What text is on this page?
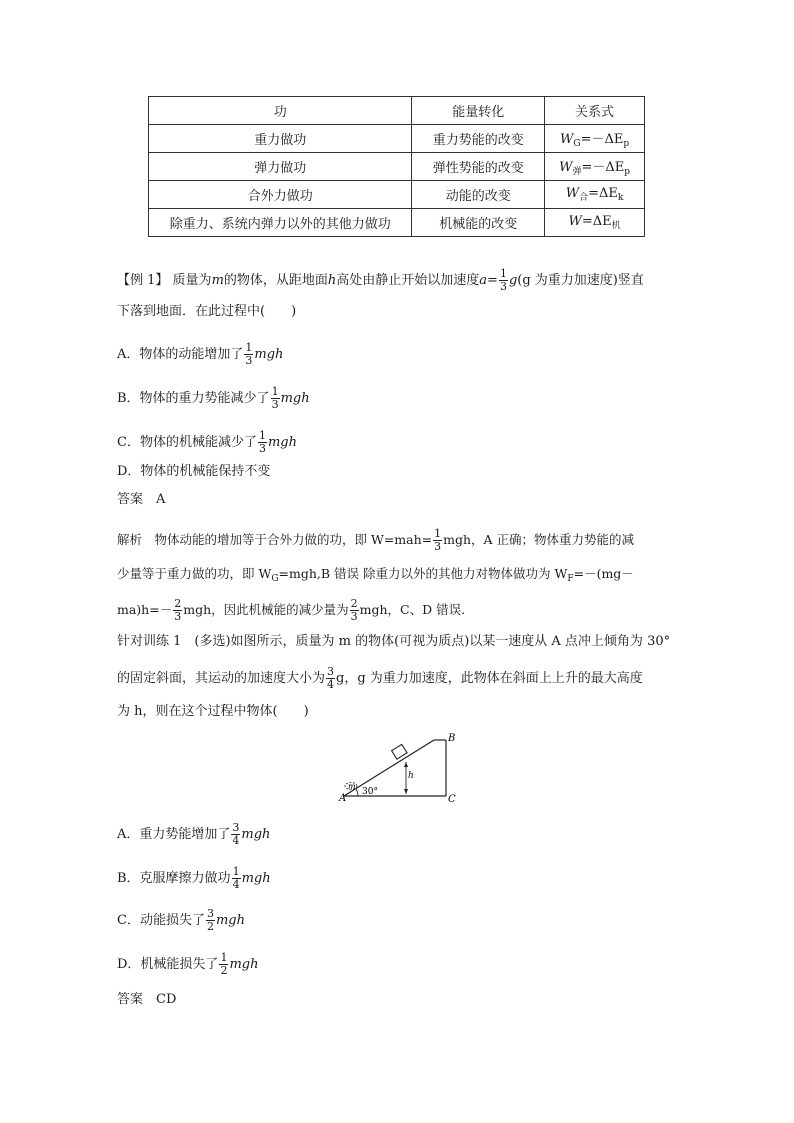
功	能量转化	关系式
重力做功	重力势能的改变	$W_G=-\Delta E_p$
弹力做功	弹性势能的改变	$W_弹=-\Delta E_p$
合外力做功	动能的改变	$W_合=\Delta E_k$
除重力、系统内弹力以外的其他力做功	机械能的改变	$W=\Delta E_机$
【例 1】 质量为m的物体，从距地面h高处由静止开始以加速度$a= \frac{1}{3} g(g$ 为重力加速度)竖直
下落到地面．在此过程中(　　)
A．物体的动能增加了 $\frac{1}{3}$ mgh
B．物体的重力势能减少了 $\frac{1}{3}$ mgh
C．物体的机械能减少了 $\frac{1}{3}$ mgh
D．物体的机械能保持不变
答案　A
解析　物体动能的增加等于合外力做的功，即 $W=mah= \frac{1}{3}$ mgh，A 正确；物体重力势能的减
少量等于重力做的功，即 $W_G=mgh,B$ 错误 除重力以外的其他力对物体做功为 $W_F=-(mg-$
$ma)h=- \frac{2}{3}$ mgh，因此机械能的减少量为 $\frac{2}{3}$ mgh，C、D 错误.
针对训练 1　(多选)如图所示，质量为 m 的物体(可视为质点)以某一速度从 A 点冲上倾角为 30°
的固定斜面，其运动的加速度大小为 $\frac{3}{4}$ g，g 为重力加速度，此物体在斜面上上升的最大高度
为 h，则在这个过程中物体(　　)
A
B
C
m
h
30°
A．重力势能增加了 $\frac{3}{4}$ mgh
B．克服摩擦力做功 $\frac{1}{4}$ mgh
C．动能损失了 $\frac{3}{2}$ mgh
D．机械能损失了 $\frac{1}{2}$ mgh
答案　CD
